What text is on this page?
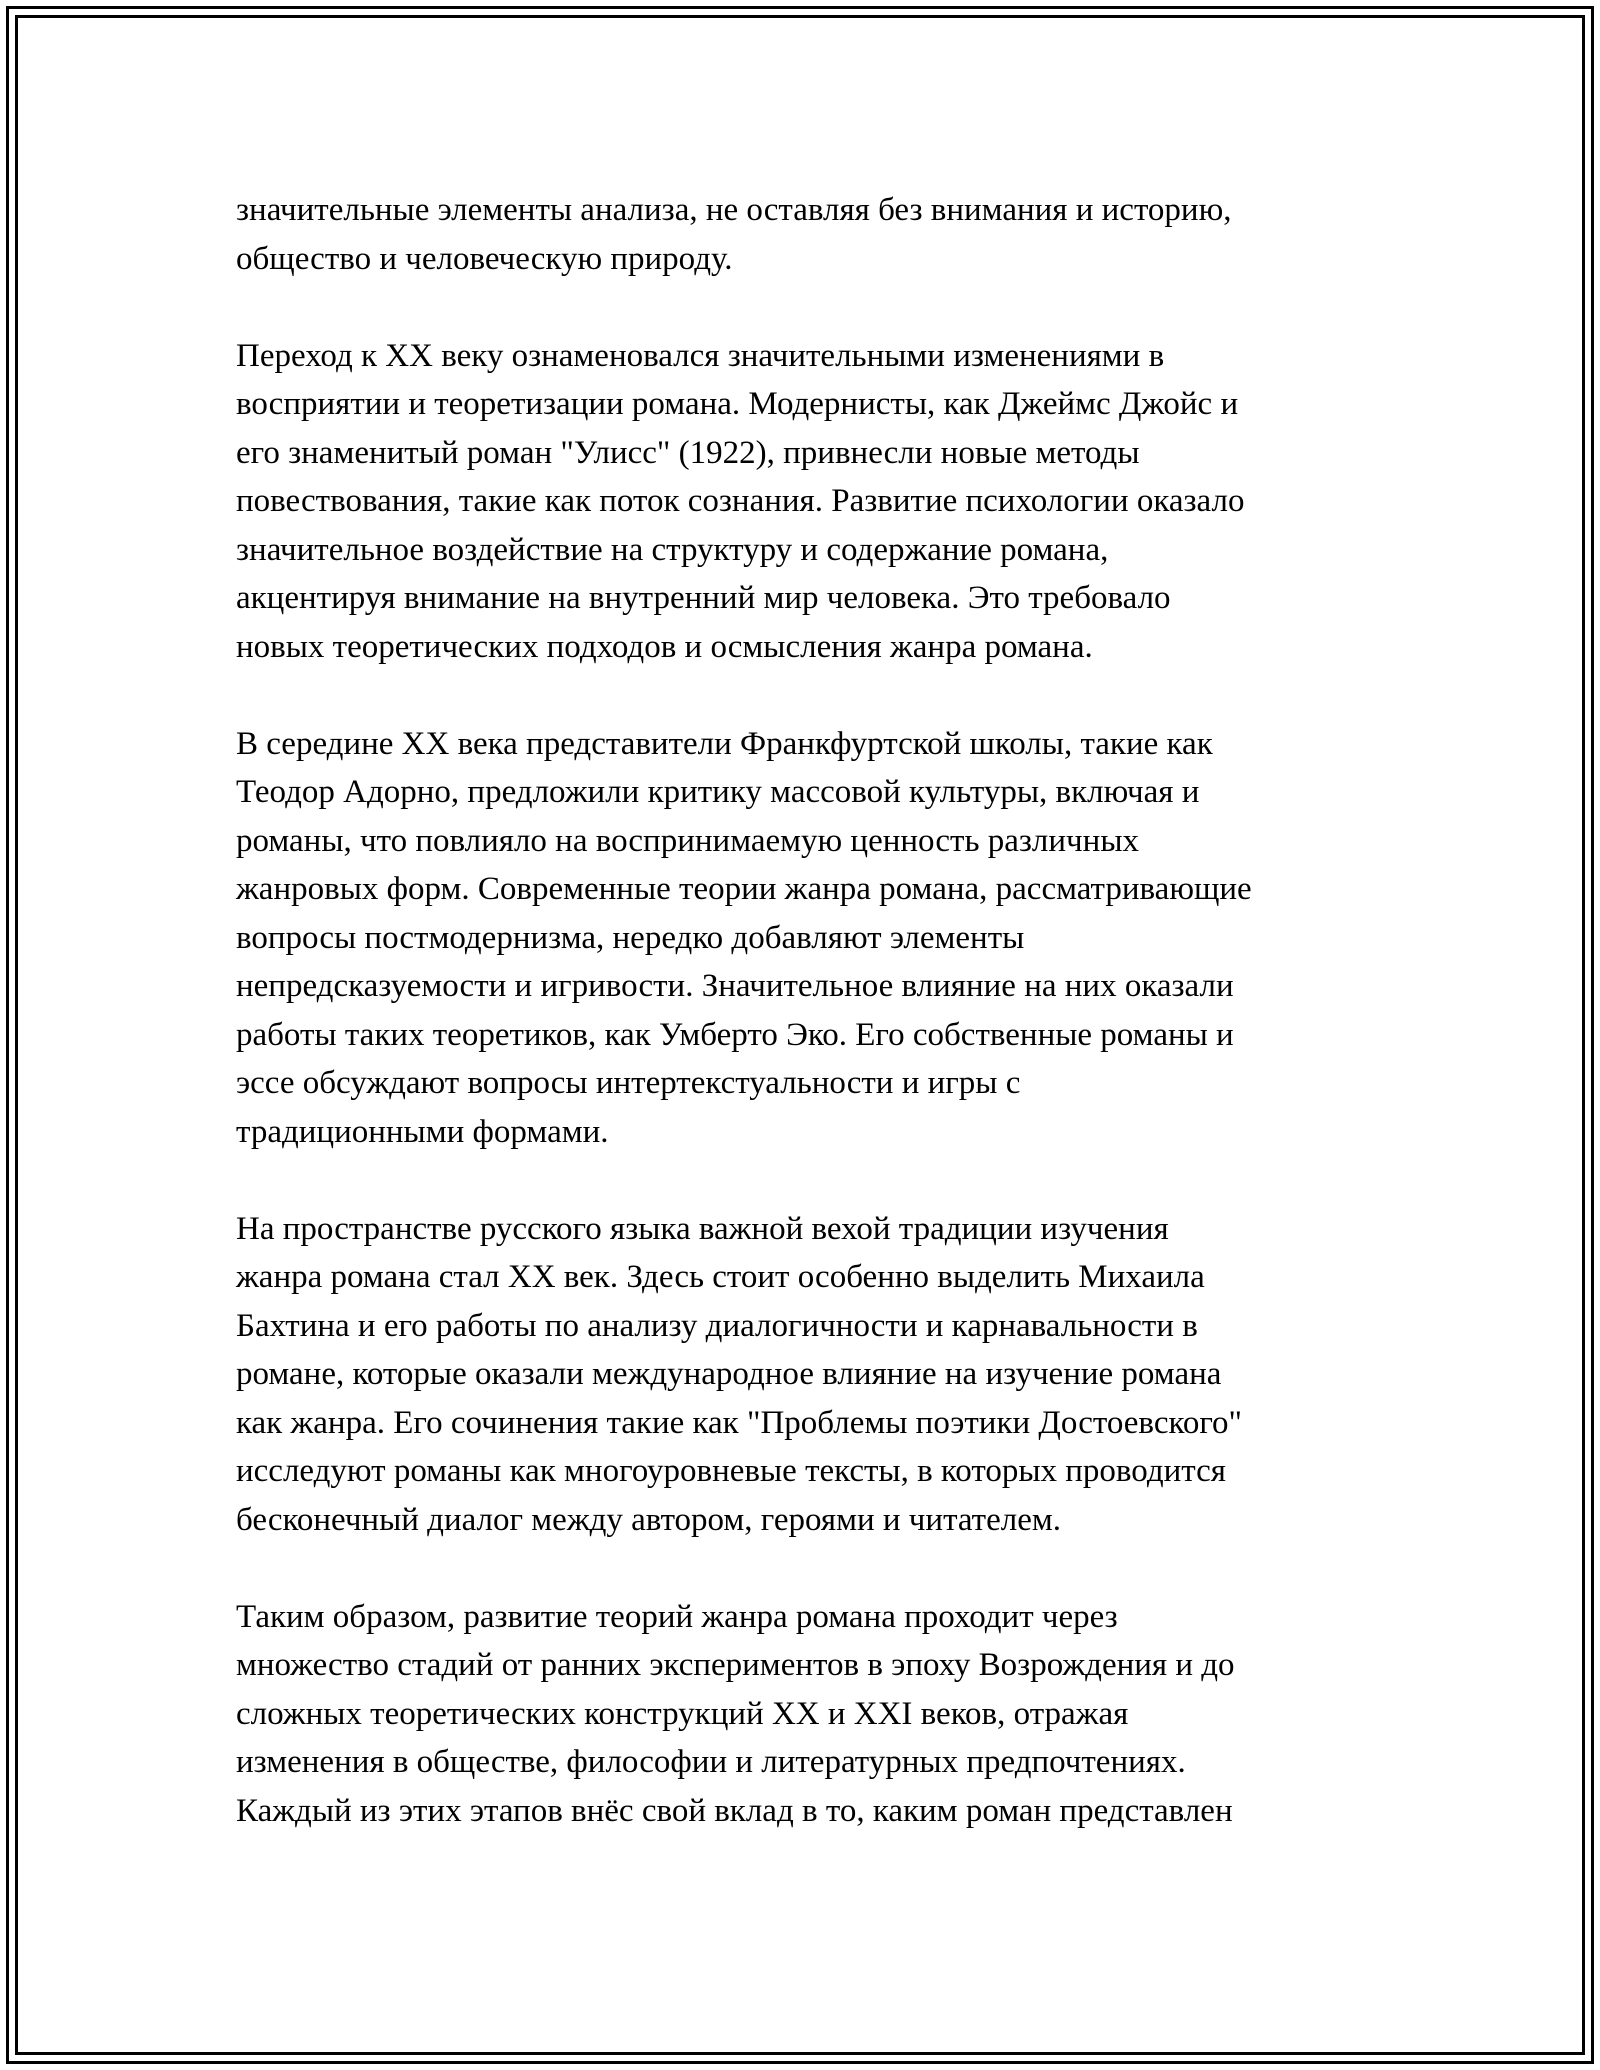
значительные элементы анализа, не оставляя без внимания и историю,
общество и человеческую природу.

Переход к XX веку ознаменовался значительными изменениями в
восприятии и теоретизации романа. Модернисты, как Джеймс Джойс и
его знаменитый роман "Улисс" (1922), привнесли новые методы
повествования, такие как поток сознания. Развитие психологии оказало
значительное воздействие на структуру и содержание романа,
акцентируя внимание на внутренний мир человека. Это требовало
новых теоретических подходов и осмысления жанра романа.

В середине XX века представители Франкфуртской школы, такие как
Теодор Адорно, предложили критику массовой культуры, включая и
романы, что повлияло на воспринимаемую ценность различных
жанровых форм. Современные теории жанра романа, рассматривающие
вопросы постмодернизма, нередко добавляют элементы
непредсказуемости и игривости. Значительное влияние на них оказали
работы таких теоретиков, как Умберто Эко. Его собственные романы и
эссе обсуждают вопросы интертекстуальности и игры с
традиционными формами.

На пространстве русского языка важной вехой традиции изучения
жанра романа стал XX век. Здесь стоит особенно выделить Михаила
Бахтина и его работы по анализу диалогичности и карнавальности в
романе, которые оказали международное влияние на изучение романа
как жанра. Его сочинения такие как "Проблемы поэтики Достоевского"
исследуют романы как многоуровневые тексты, в которых проводится
бесконечный диалог между автором, героями и читателем.

Таким образом, развитие теорий жанра романа проходит через
множество стадий от ранних экспериментов в эпоху Возрождения и до
сложных теоретических конструкций XX и XXI веков, отражая
изменения в обществе, философии и литературных предпочтениях.
Каждый из этих этапов внёс свой вклад в то, каким роман представлен
